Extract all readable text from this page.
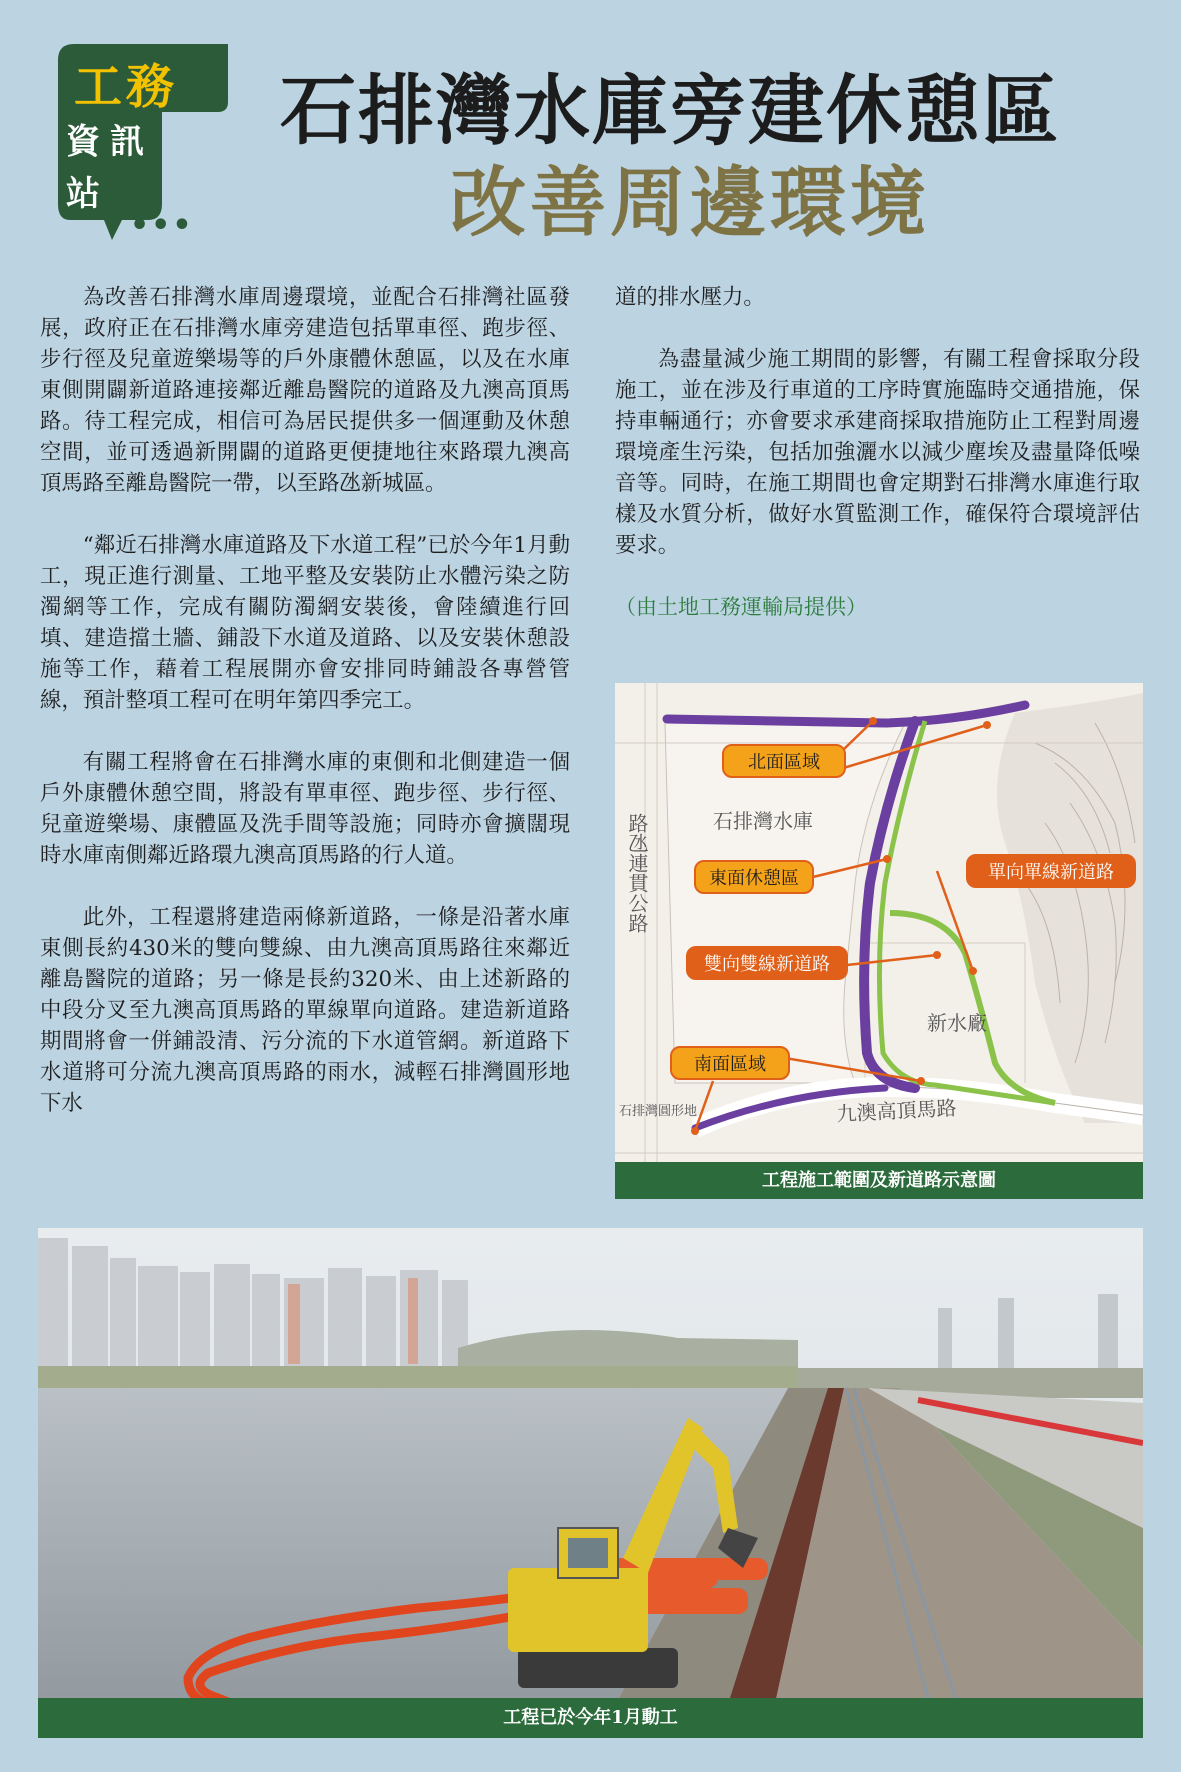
工務
資訊
站
•••
石排灣水庫旁建休憩區
改善周邊環境

為改善石排灣水庫周邊環境，並配合石排灣社區發展，政府正在石排灣水庫旁建造包括單車徑、跑步徑、步行徑及兒童遊樂場等的戶外康體休憩區，以及在水庫東側開闢新道路連接鄰近離島醫院的道路及九澳高頂馬路。待工程完成，相信可為居民提供多一個運動及休憩空間，並可透過新開闢的道路更便捷地往來路環九澳高頂馬路至離島醫院一帶，以至路氹新城區。

“鄰近石排灣水庫道路及下水道工程”已於今年1月動工，現正進行測量、工地平整及安裝防止水體污染之防濁網等工作，完成有關防濁網安裝後，會陸續進行回填、建造擋土牆、鋪設下水道及道路、以及安裝休憩設施等工作，藉着工程展開亦會安排同時鋪設各專營管線，預計整項工程可在明年第四季完工。

有關工程將會在石排灣水庫的東側和北側建造一個戶外康體休憩空間，將設有單車徑、跑步徑、步行徑、兒童遊樂場、康體區及洗手間等設施；同時亦會擴闊現時水庫南側鄰近路環九澳高頂馬路的行人道。

此外，工程還將建造兩條新道路，一條是沿著水庫東側長約430米的雙向雙線、由九澳高頂馬路往來鄰近離島醫院的道路；另一條是長約320米、由上述新路的中段分叉至九澳高頂馬路的單線單向道路。建造新道路期間將會一併鋪設清、污分流的下水道管網。新道路下水道將可分流九澳高頂馬路的雨水，減輕石排灣圓形地下水

道的排水壓力。

為盡量減少施工期間的影響，有關工程會採取分段施工，並在涉及行車道的工序時實施臨時交通措施，保持車輛通行；亦會要求承建商採取措施防止工程對周邊環境產生污染，包括加強灑水以減少塵埃及盡量降低噪音等。同時，在施工期間也會定期對石排灣水庫進行取樣及水質分析，做好水質監測工作，確保符合環境評估要求。

（由土地工務運輸局提供）

石排灣水庫
新水廠
九澳高頂馬路
石排灣圓形地
路氹連貫公路
北面區域
東面休憩區	單向單線新道路
雙向雙線新道路
南面區域
工程施工範圍及新道路示意圖
工程已於今年1月動工
